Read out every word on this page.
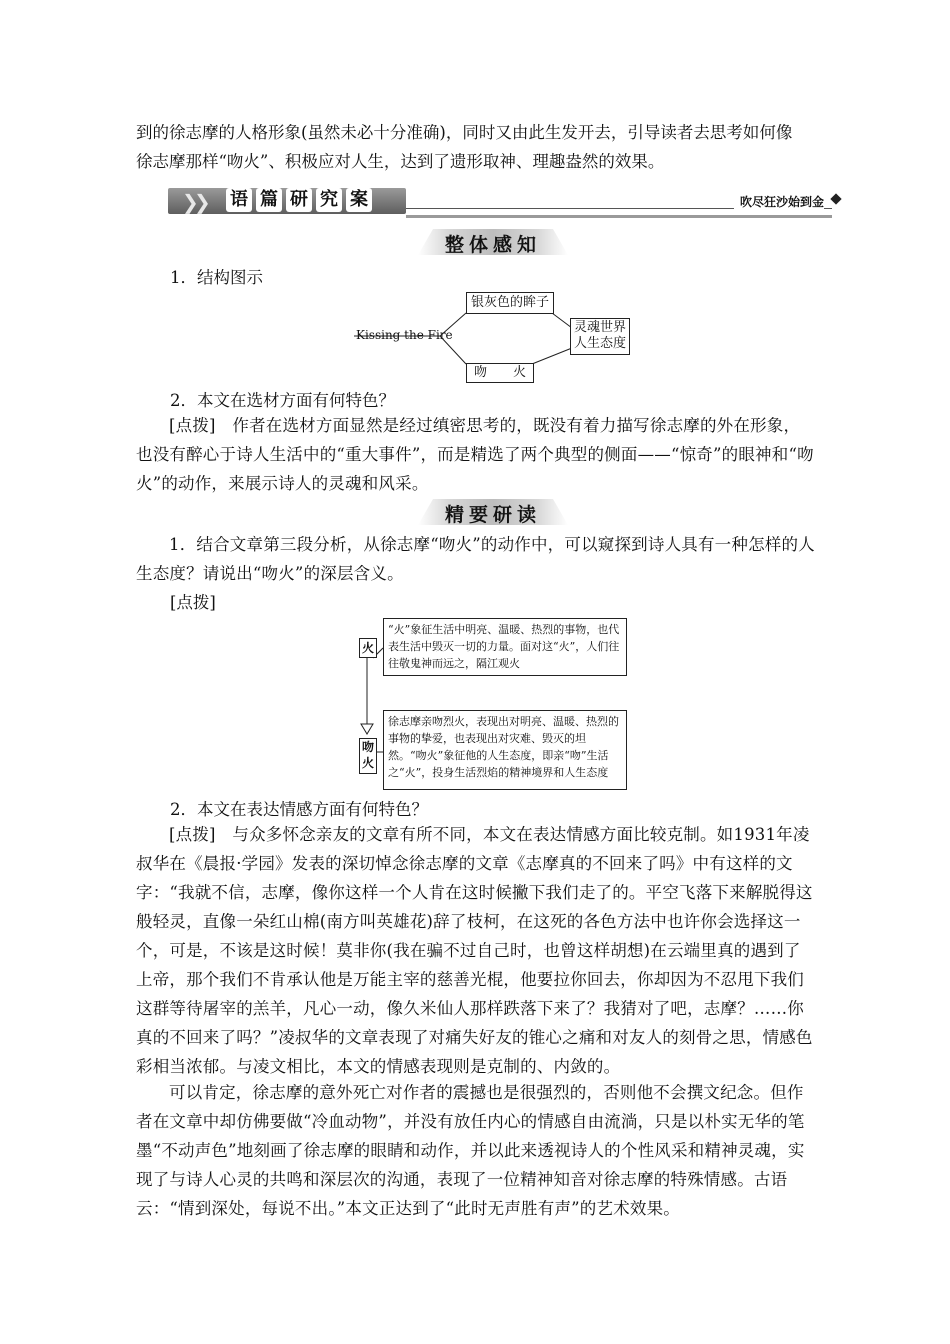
到的徐志摩的人格形象(虽然未必十分准确)，同时又由此生发开去，引导读者去思考如何像
徐志摩那样“吻火”、积极应对人生，达到了遗形取神、理趣盎然的效果。
❯
❯ 语 篇 研 究 案	吹尽狂沙始到金
整体感知
1．结构图示
Kissing the Fire
银灰色的眸子
灵魂世界
人生态度
吻　　火
2．本文在选材方面有何特色？

[点拨]　作者在选材方面显然是经过缜密思考的，既没有着力描写徐志摩的外在形象，也没有醉心于诗人生活中的“重大事件”，而是精选了两个典型的侧面——“惊奇”的眼神和“吻火”的动作，来展示诗人的灵魂和风采。

精要研读

1．结合文章第三段分析，从徐志摩“吻火”的动作中，可以窥探到诗人具有一种怎样的人生态度？请说出“吻火”的深层含义。

[点拨]
火
“火”象征生活中明亮、温暖、热烈的事物，也代表生活中毁灭一切的力量。面对这“火”，人们往往敬鬼神而远之，隔江观火
吻火
徐志摩亲吻烈火，表现出对明亮、温暖、热烈的事物的挚爱，也表现出对灾难、毁灭的坦然。“吻火”象征他的人生态度，即亲“吻”生活之“火”，投身生活烈焰的精神境界和人生态度
2．本文在表达情感方面有何特色？

[点拨]　与众多怀念亲友的文章有所不同，本文在表达情感方面比较克制。如1931年凌叔华在《晨报·学园》发表的深切悼念徐志摩的文章《志摩真的不回来了吗》中有这样的文字：“我就不信，志摩，像你这样一个人肯在这时候撇下我们走了的。平空飞落下来解脱得这般轻灵，直像一朵红山棉(南方叫英雄花)辞了枝柯，在这死的各色方法中也许你会选择这一个，可是，不该是这时候！莫非你(我在骗不过自己时，也曾这样胡想)在云端里真的遇到了上帝，那个我们不肯承认他是万能主宰的慈善光棍，他要拉你回去，你却因为不忍甩下我们这群等待屠宰的羔羊，凡心一动，像久米仙人那样跌落下来了？我猜对了吧，志摩？……你真的不回来了吗？”凌叔华的文章表现了对痛失好友的锥心之痛和对友人的刻骨之思，情感色彩相当浓郁。与凌文相比，本文的情感表现则是克制的、内敛的。

可以肯定，徐志摩的意外死亡对作者的震撼也是很强烈的，否则他不会撰文纪念。但作者在文章中却仿佛要做“冷血动物”，并没有放任内心的情感自由流淌，只是以朴实无华的笔墨“不动声色”地刻画了徐志摩的眼睛和动作，并以此来透视诗人的个性风采和精神灵魂，实现了与诗人心灵的共鸣和深层次的沟通，表现了一位精神知音对徐志摩的特殊情感。古语云：“情到深处，每说不出。”本文正达到了“此时无声胜有声”的艺术效果。
